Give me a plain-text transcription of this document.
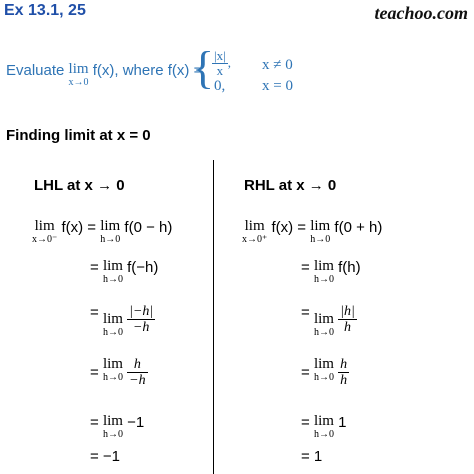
Ex 13.1, 25	teachoo.com
Evaluate lim
x→0
f(x), where f(x) =
{
$\frac{|x|}{x}$ , x ≠ 0
0, x = 0
Finding limit at x = 0
LHL at x → 0
lim
x→0⁻
f(x) = lim
h→0
f(0 − h)
= lim
h→0
f(−h)
= lim
h→0
$\frac{|-h|}{-h}$
= lim
h→0
$\frac{h}{-h}$
= lim
h→0
−1
= −1
RHL at x → 0
lim
x→0⁺
f(x) = lim
h→0
f(0 + h)
= lim
h→0
f(h)
= lim
h→0
$\frac{|h|}{h}$
= lim
h→0
$\frac{h}{h}$
= lim
h→0
1
= 1
